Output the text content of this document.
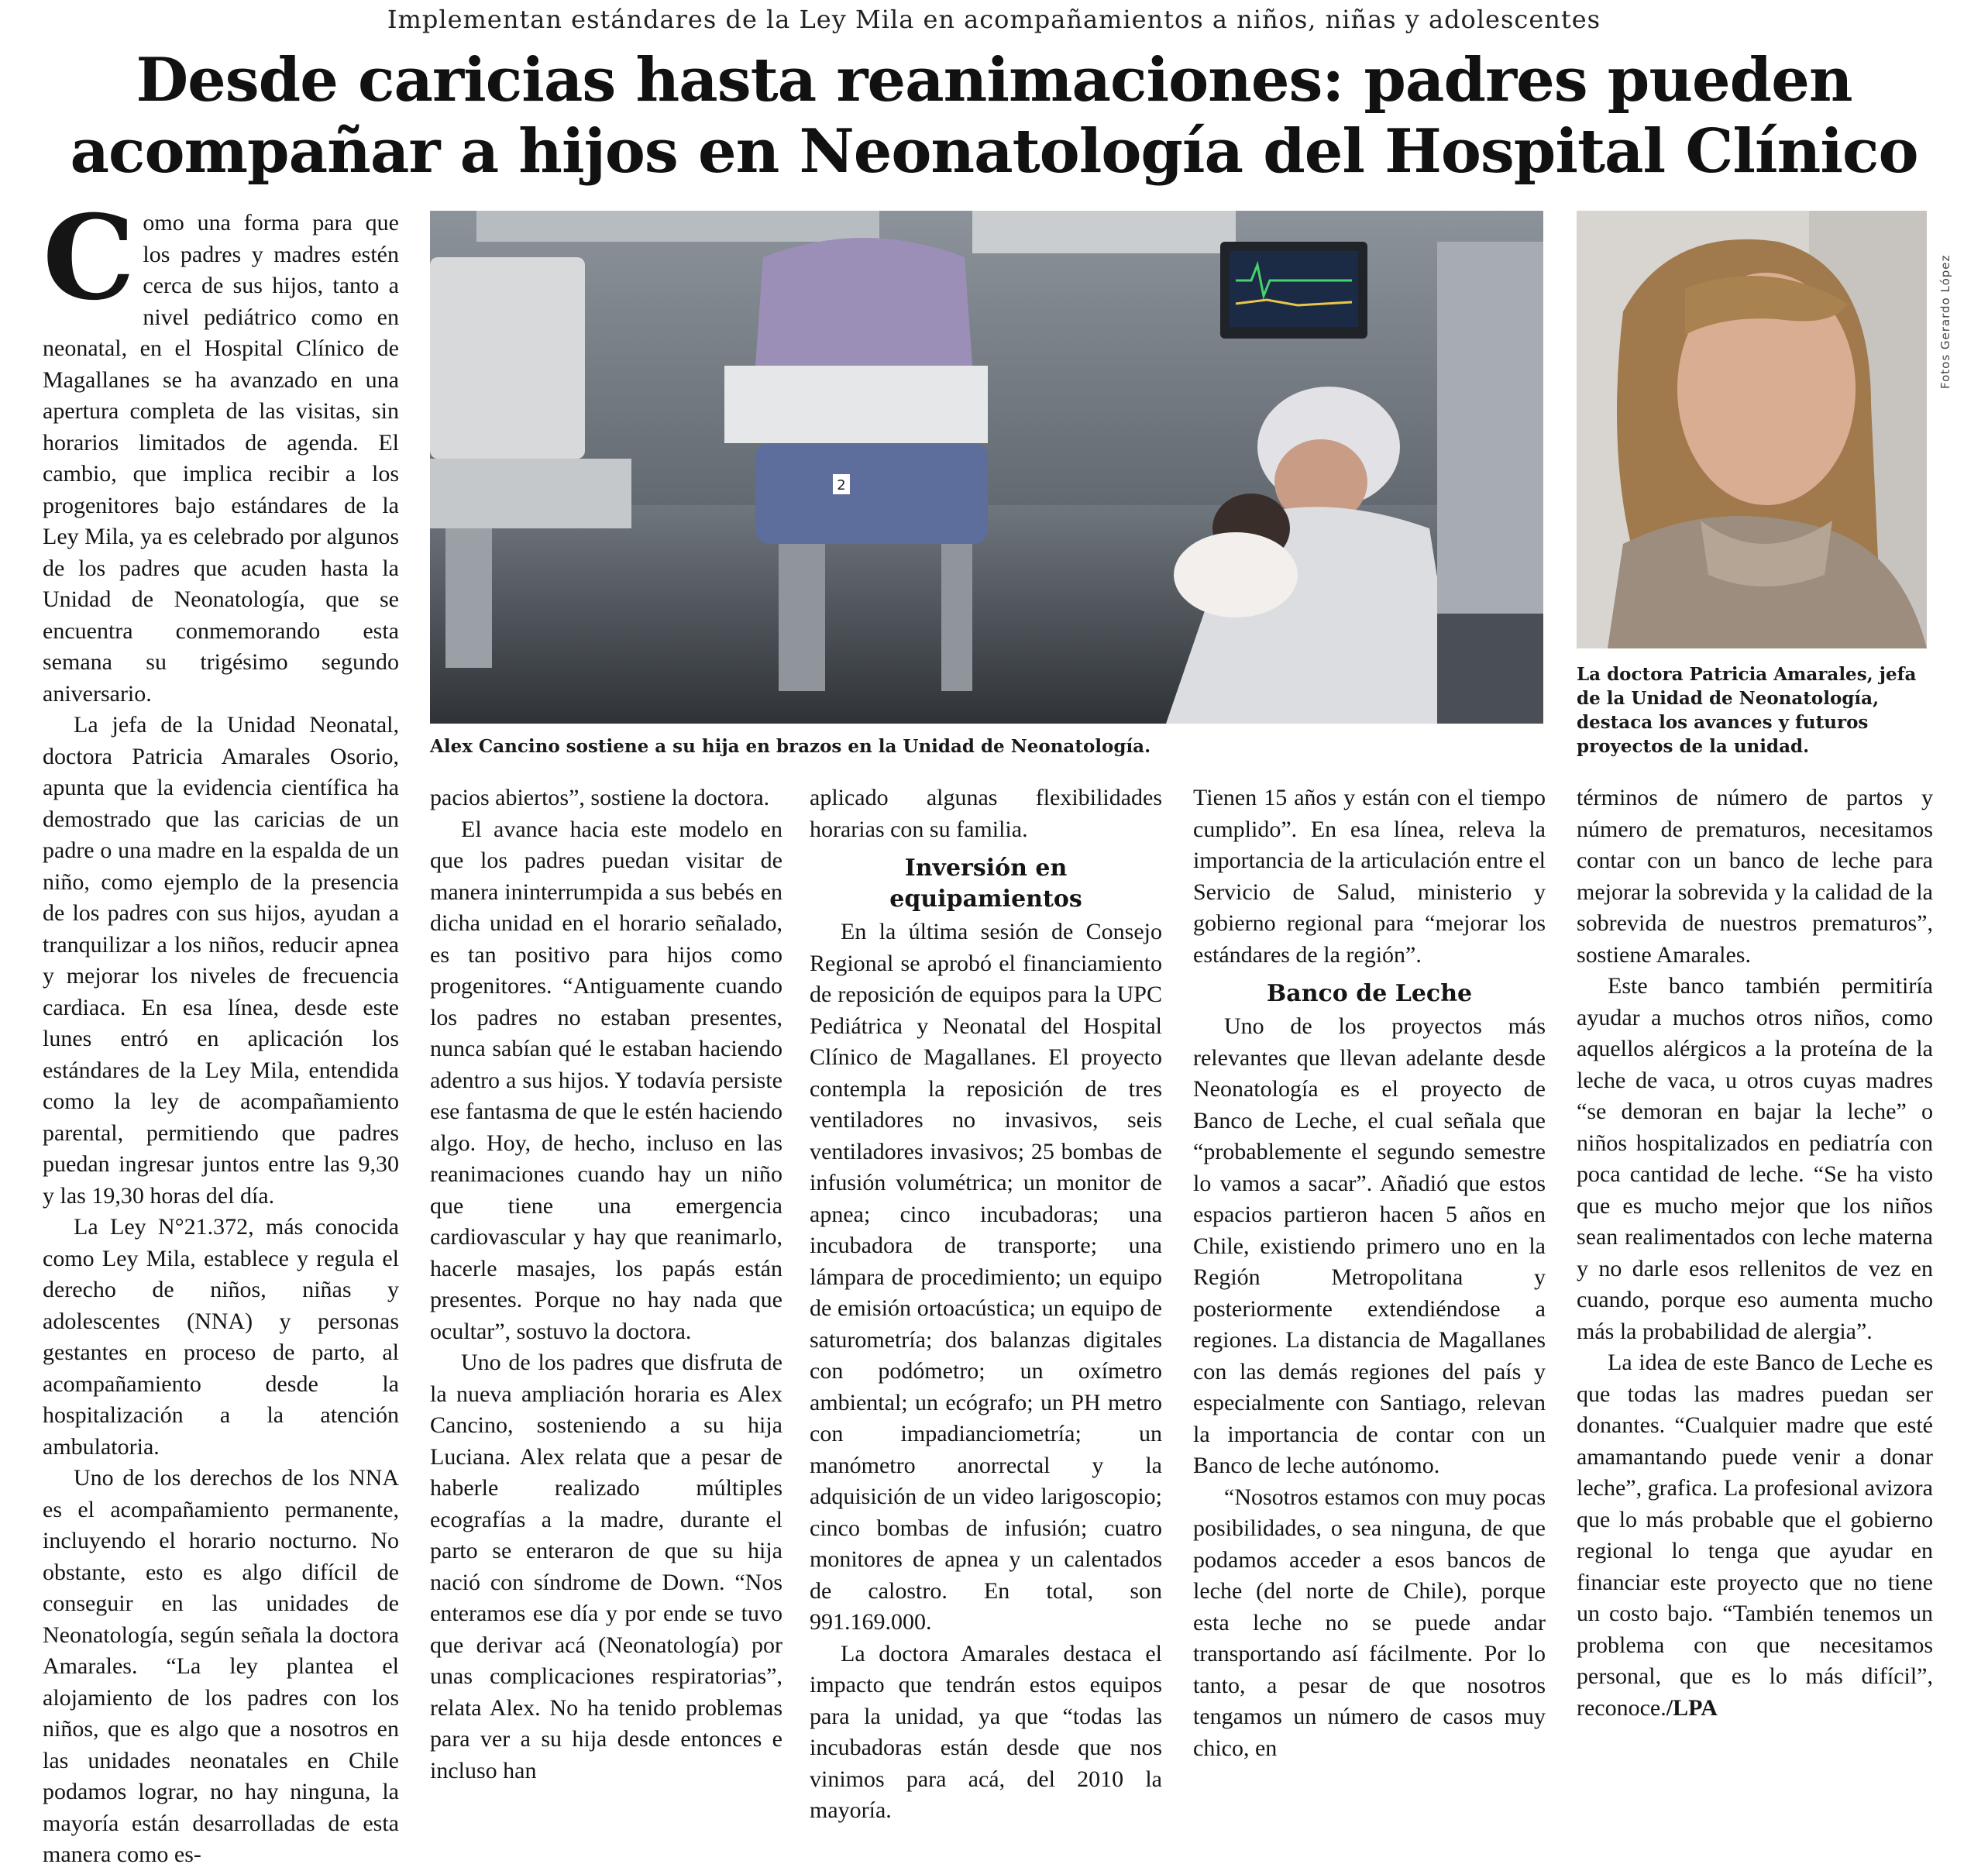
Implementan estándares de la Ley Mila en acompañamientos a niños, niñas y adolescentes
Desde caricias hasta reanimaciones: padres pueden
acompañar a hijos en Neonatología del Hospital Clínico

Como una forma para que los padres y madres estén cerca de sus hijos, tanto a nivel pediátrico como en neonatal, en el Hospital Clínico de Magallanes se ha avanzado en una apertura completa de las visitas, sin horarios limitados de agenda. El cambio, que implica recibir a los progenitores bajo estándares de la Ley Mila, ya es celebrado por algunos de los padres que acuden hasta la Unidad de Neonatología, que se encuentra conmemorando esta semana su trigésimo segundo aniversario.

La jefa de la Unidad Neonatal, doctora Patricia Amarales Osorio, apunta que la evidencia científica ha demostrado que las caricias de un padre o una madre en la espalda de un niño, como ejemplo de la presencia de los padres con sus hijos, ayudan a tranquilizar a los niños, reducir apnea y mejorar los niveles de frecuencia cardiaca. En esa línea, desde este lunes entró en aplicación los estándares de la Ley Mila, entendida como la ley de acompañamiento parental, permitiendo que padres puedan ingresar juntos entre las 9,30 y las 19,30 horas del día.

La Ley N°21.372, más conocida como Ley Mila, establece y regula el derecho de niños, niñas y adolescentes (NNA) y personas gestantes en proceso de parto, al acompañamiento desde la hospitalización a la atención ambulatoria.

Uno de los derechos de los NNA es el acompañamiento permanente, incluyendo el horario nocturno. No obstante, esto es algo difícil de conseguir en las unidades de Neonatología, según señala la doctora Amarales. “La ley plantea el alojamiento de los padres con los niños, que es algo que a nosotros en las unidades neonatales en Chile podamos lograr, no hay ninguna, la mayoría están desarrolladas de esta manera como es-

2
Alex Cancino sostiene a su hija en brazos en la Unidad de Neonatología.
Fotos Gerardo López
La doctora Patricia Amarales, jefa de la Unidad de Neonatología, destaca los avances y futuros proyectos de la unidad.

pacios abiertos”, sostiene la doctora.

El avance hacia este modelo en que los padres puedan visitar de manera ininterrumpida a sus bebés en dicha unidad en el horario señalado, es tan positivo para hijos como progenitores. “Antiguamente cuando los padres no estaban presentes, nunca sabían qué le estaban haciendo adentro a sus hijos. Y todavía persiste ese fantasma de que le estén haciendo algo. Hoy, de hecho, incluso en las reanimaciones cuando hay un niño que tiene una emergencia cardiovascular y hay que reanimarlo, hacerle masajes, los papás están presentes. Porque no hay nada que ocultar”, sostuvo la doctora.

Uno de los padres que disfruta de la nueva ampliación horaria es Alex Cancino, sosteniendo a su hija Luciana. Alex relata que a pesar de haberle realizado múltiples ecografías a la madre, durante el parto se enteraron de que su hija nació con síndrome de Down. “Nos enteramos ese día y por ende se tuvo que derivar acá (Neonatología) por unas complicaciones respiratorias”, relata Alex. No ha tenido problemas para ver a su hija desde entonces e incluso han

aplicado algunas flexibilidades horarias con su familia.

Inversión en equipamientos

En la última sesión de Consejo Regional se aprobó el financiamiento de reposición de equipos para la UPC Pediátrica y Neonatal del Hospital Clínico de Magallanes. El proyecto contempla la reposición de tres ventiladores no invasivos, seis ventiladores invasivos; 25 bombas de infusión volumétrica; un monitor de apnea; cinco incubadoras; una incubadora de transporte; una lámpara de procedimiento; un equipo de emisión ortoacústica; un equipo de saturometría; dos balanzas digitales con podómetro; un oxímetro ambiental; un ecógrafo; un PH metro con impadianciometría; un manómetro anorrectal y la adquisición de un video larigoscopio; cinco bombas de infusión; cuatro monitores de apnea y un calentados de calostro. En total, son 991.169.000.

La doctora Amarales destaca el impacto que tendrán estos equipos para la unidad, ya que “todas las incubadoras están desde que nos vinimos para acá, del 2010 la mayoría.

Tienen 15 años y están con el tiempo cumplido”. En esa línea, releva la importancia de la articulación entre el Servicio de Salud, ministerio y gobierno regional para “mejorar los estándares de la región”.

Banco de Leche

Uno de los proyectos más relevantes que llevan adelante desde Neonatología es el proyecto de Banco de Leche, el cual señala que “probablemente el segundo semestre lo vamos a sacar”. Añadió que estos espacios partieron hacen 5 años en Chile, existiendo primero uno en la Región Metropolitana y posteriormente extendiéndose a regiones. La distancia de Magallanes con las demás regiones del país y especialmente con Santiago, relevan la importancia de contar con un Banco de leche autónomo.

“Nosotros estamos con muy pocas posibilidades, o sea ninguna, de que podamos acceder a esos bancos de leche (del norte de Chile), porque esta leche no se puede andar transportando así fácilmente. Por lo tanto, a pesar de que nosotros tengamos un número de casos muy chico, en

términos de número de partos y número de prematuros, necesitamos contar con un banco de leche para mejorar la sobrevida y la calidad de la sobrevida de nuestros prematuros”, sostiene Amarales.

Este banco también permitiría ayudar a muchos otros niños, como aquellos alérgicos a la proteína de la leche de vaca, u otros cuyas madres “se demoran en bajar la leche” o niños hospitalizados en pediatría con poca cantidad de leche. “Se ha visto que es mucho mejor que los niños sean realimentados con leche materna y no darle esos rellenitos de vez en cuando, porque eso aumenta mucho más la probabilidad de alergia”.

La idea de este Banco de Leche es que todas las madres puedan ser donantes. “Cualquier madre que esté amamantando puede venir a donar leche”, grafica. La profesional avizora que lo más probable que el gobierno regional lo tenga que ayudar en financiar este proyecto que no tiene un costo bajo. “También tenemos un problema con que necesitamos personal, que es lo más difícil”, reconoce./LPA
